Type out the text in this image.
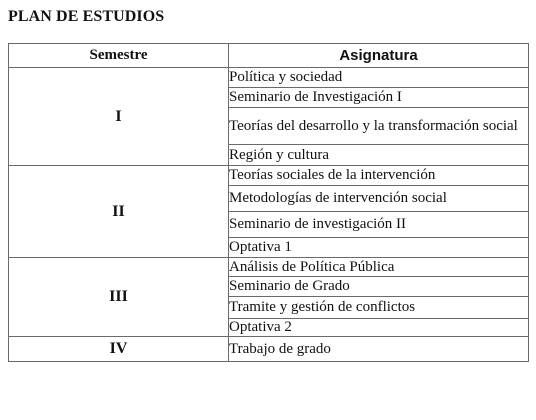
PLAN DE ESTUDIOS
Semestre	Asignatura
I	Política y sociedad
	Seminario de Investigación I
	Teorías del desarrollo y la transformación social
	Región y cultura
II	Teorías sociales de la intervención
	Metodologías de intervención social
	Seminario de investigación II
	Optativa 1
III	Análisis de Política Pública
	Seminario de Grado
	Tramite y gestión de conflictos
	Optativa 2
IV	Trabajo de grado
